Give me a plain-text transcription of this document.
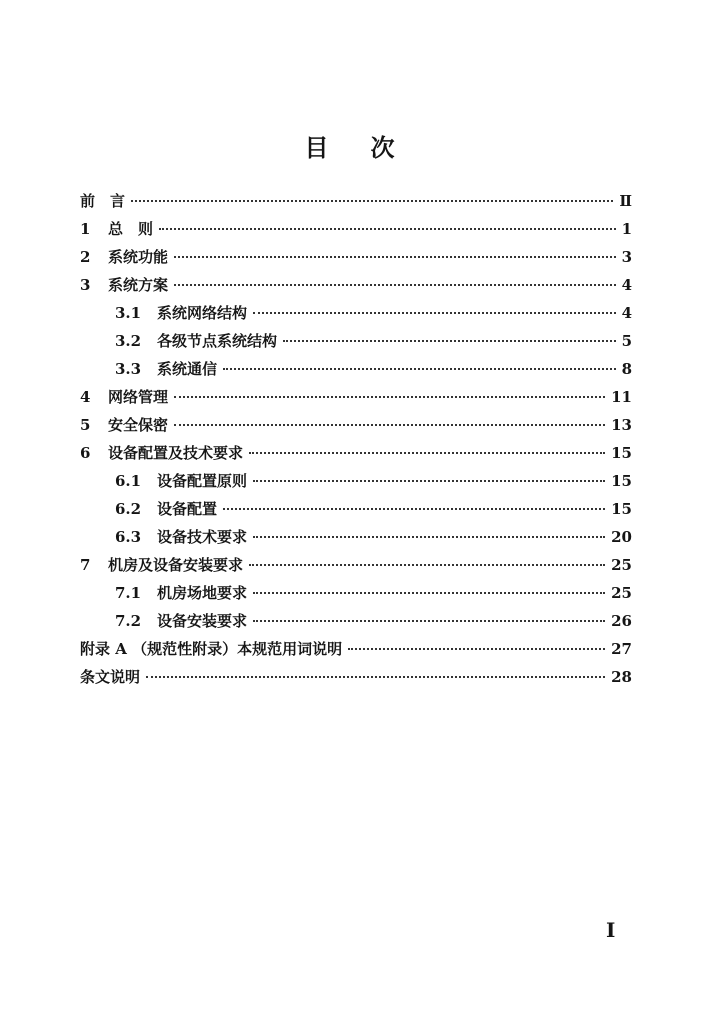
目 次
前　言	Ⅱ
1	总　则	1
2	系统功能	3
3	系统方案	4
3.1	系统网络结构	4
3.2	各级节点系统结构	5
3.3	系统通信	8
4	网络管理	11
5	安全保密	13
6	设备配置及技术要求	15
6.1	设备配置原则	15
6.2	设备配置	15
6.3	设备技术要求	20
7	机房及设备安装要求	25
7.1	机房场地要求	25
7.2	设备安装要求	26
附录 A （规范性附录）本规范用词说明	27
条文说明	28
Ⅰ
